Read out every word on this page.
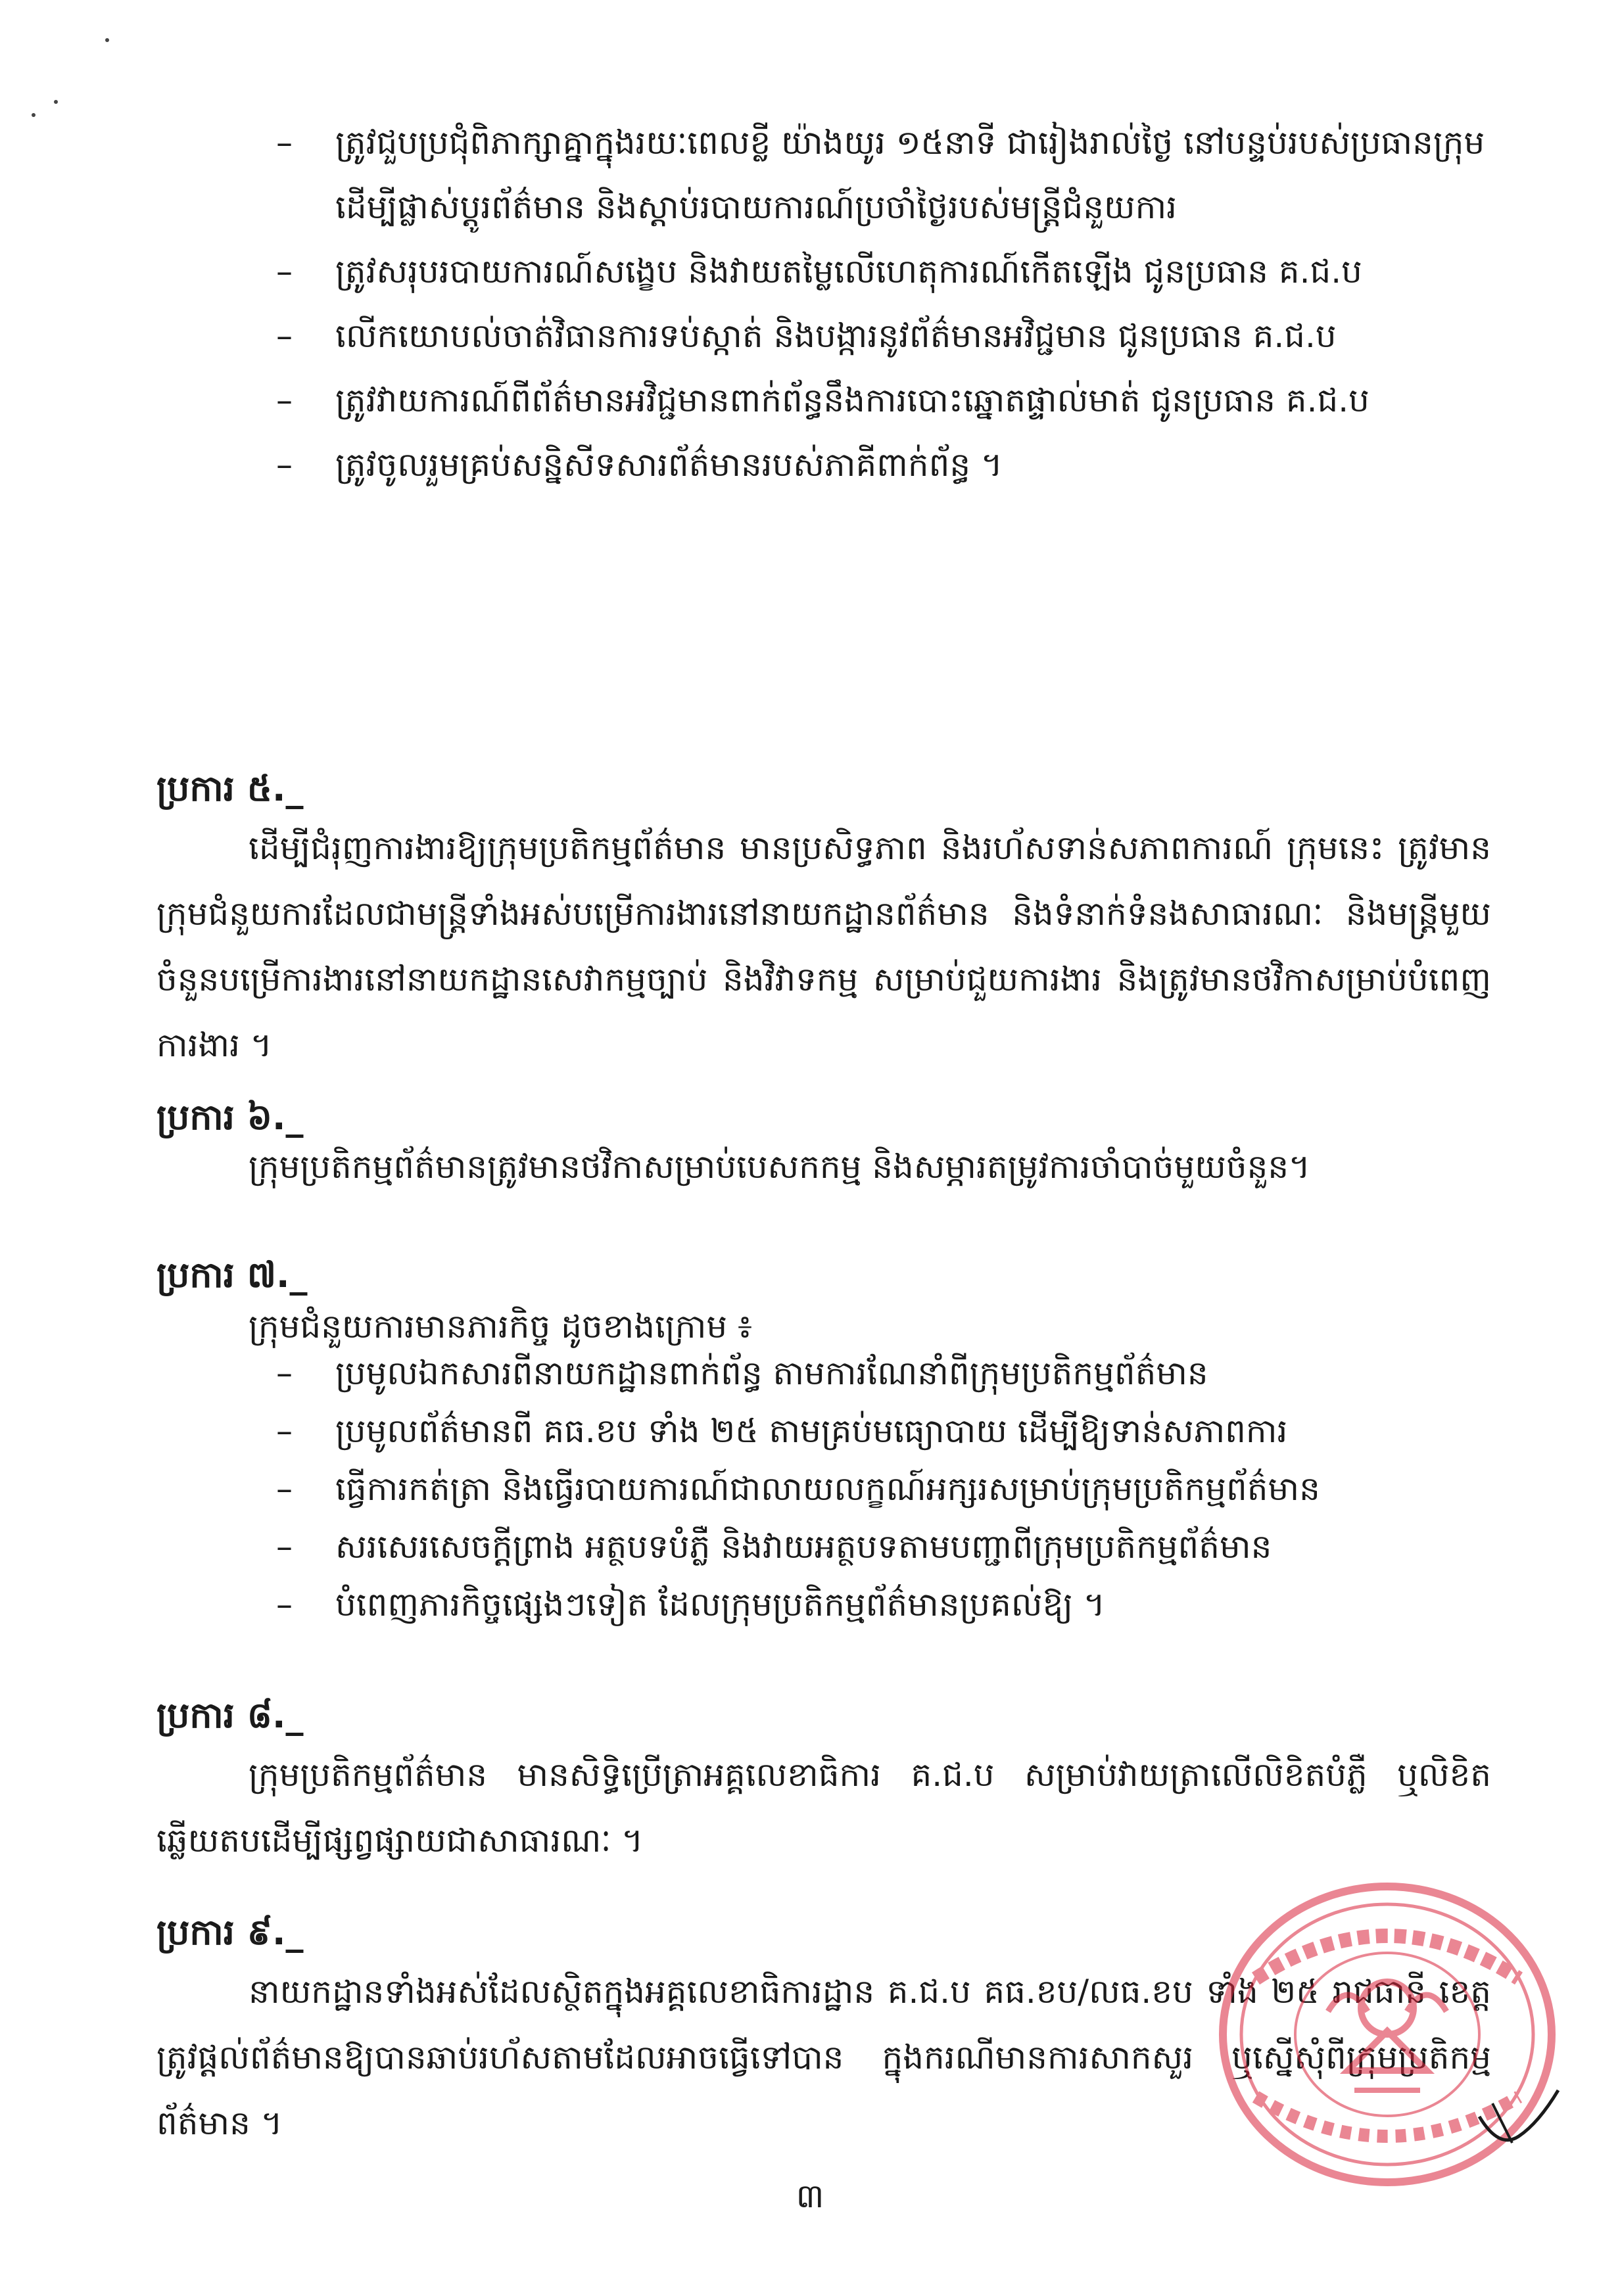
–	ត្រូវជួបប្រជុំពិភាក្សាគ្នាក្នុងរយៈពេលខ្លី យ៉ាងយូរ ១៥នាទី ជារៀងរាល់ថ្ងៃ នៅបន្ទប់របស់ប្រធានក្រុម ដើម្បីផ្លាស់ប្តូរព័ត៌មាន និងស្តាប់របាយការណ៍ប្រចាំថ្ងៃរបស់មន្ត្រីជំនួយការ
–	ត្រូវសរុបរបាយការណ៍សង្ខេប និងវាយតម្លៃលើហេតុការណ៍កើតឡើង ជូនប្រធាន គ.ជ.ប
–	លើកយោបល់ចាត់វិធានការទប់ស្កាត់ និងបង្ការនូវព័ត៌មានអវិជ្ជមាន ជូនប្រធាន គ.ជ.ប
–	ត្រូវវាយការណ៍ពីព័ត៌មានអវិជ្ជមានពាក់ព័ន្ធនឹងការបោះឆ្នោតផ្ទាល់មាត់ ជូនប្រធាន គ.ជ.ប
–	ត្រូវចូលរួមគ្រប់សន្និសីទសារព័ត៌មានរបស់ភាគីពាក់ព័ន្ធ ។
ប្រការ ៥._

ដើម្បីជំរុញការងារឱ្យក្រុមប្រតិកម្មព័ត៌មាន មានប្រសិទ្ធភាព និងរហ័សទាន់សភាពការណ៍ ក្រុមនេះ ត្រូវមានក្រុមជំនួយការដែលជាមន្ត្រីទាំងអស់បម្រើការងារនៅនាយកដ្ឋានព័ត៌មាន និងទំនាក់ទំនងសាធារណៈ និងមន្ត្រីមួយចំនួនបម្រើការងារនៅនាយកដ្ឋានសេវាកម្មច្បាប់ និងវិវាទកម្ម សម្រាប់ជួយការងារ និងត្រូវមានថវិកាសម្រាប់បំពេញការងារ ។

ប្រការ ៦._

ក្រុមប្រតិកម្មព័ត៌មានត្រូវមានថវិកាសម្រាប់បេសកកម្ម និងសម្ភារតម្រូវការចាំបាច់មួយចំនួន។

ប្រការ ៧._
ក្រុមជំនួយការមានភារកិច្ច ដូចខាងក្រោម ៖
–	ប្រមូលឯកសារពីនាយកដ្ឋានពាក់ព័ន្ធ តាមការណែនាំពីក្រុមប្រតិកម្មព័ត៌មាន
–	ប្រមូលព័ត៌មានពី គធ.ខប ទាំង ២៥ តាមគ្រប់មធ្យោបាយ ដើម្បីឱ្យទាន់សភាពការ
–	ធ្វើការកត់ត្រា និងធ្វើរបាយការណ៍ជាលាយលក្ខណ៍អក្សរសម្រាប់ក្រុមប្រតិកម្មព័ត៌មាន
–	សរសេរសេចក្តីព្រាង អត្ថបទបំភ្លឺ និងវាយអត្ថបទតាមបញ្ជាពីក្រុមប្រតិកម្មព័ត៌មាន
–	បំពេញភារកិច្ចផ្សេងៗទៀត ដែលក្រុមប្រតិកម្មព័ត៌មានប្រគល់ឱ្យ ។
ប្រការ ៨._

ក្រុមប្រតិកម្មព័ត៌មាន មានសិទ្ធិប្រើត្រាអគ្គលេខាធិការ គ.ជ.ប សម្រាប់វាយត្រាលើលិខិតបំភ្លឺ ឬលិខិតឆ្លើយតបដើម្បីផ្សព្វផ្សាយជាសាធារណៈ ។

ប្រការ ៩._

នាយកដ្ឋានទាំងអស់ដែលស្ថិតក្នុងអគ្គលេខាធិការដ្ឋាន គ.ជ.ប គធ.ខប/លធ.ខប ទាំង ២៥ រាជធានី ខេត្ត ត្រូវផ្តល់ព័ត៌មានឱ្យបានឆាប់រហ័សតាមដែលអាចធ្វើទៅបាន ក្នុងករណីមានការសាកសួរ ឬស្នើសុំពីក្រុមប្រតិកម្មព័ត៌មាន ។

៣
